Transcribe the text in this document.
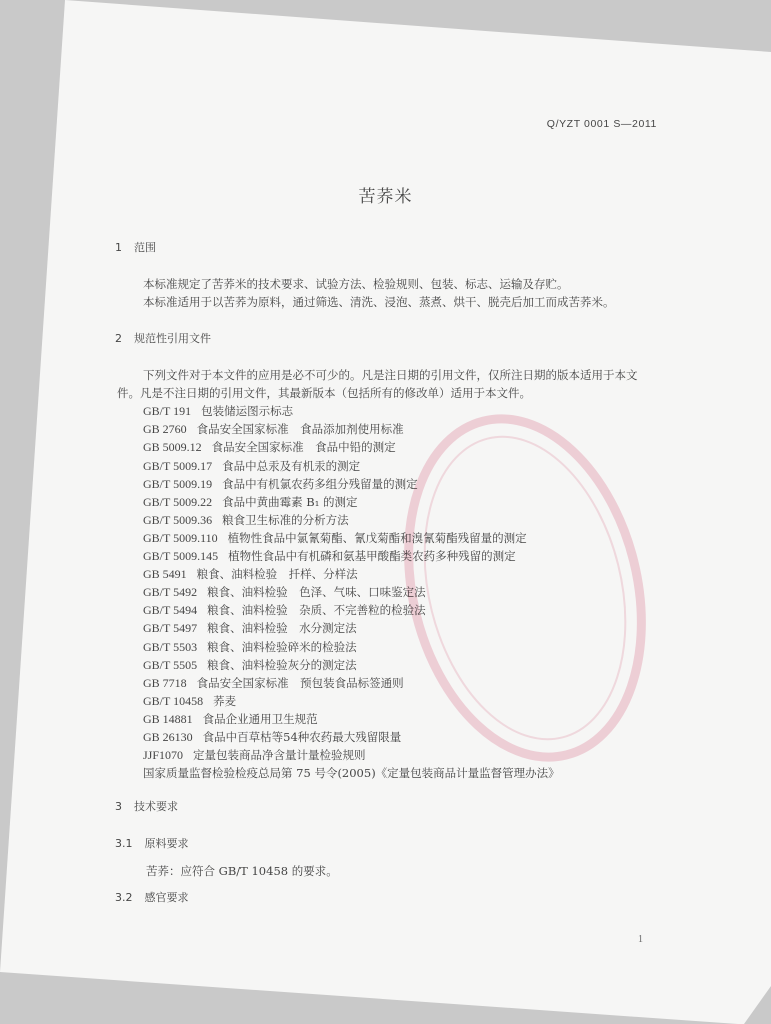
Q/YZT 0001 S—2011
苦荞米
1 范围
本标准规定了苦荞米的技术要求、试验方法、检验规则、包装、标志、运输及存贮。
本标准适用于以苦荞为原料，通过筛选、清洗、浸泡、蒸煮、烘干、脱壳后加工而成苦荞米。
2 规范性引用文件
下列文件对于本文件的应用是必不可少的。凡是注日期的引用文件，仅所注日期的版本适用于本文
件。凡是不注日期的引用文件，其最新版本（包括所有的修改单）适用于本文件。
GB/T 191 包装储运图示标志
GB 2760 食品安全国家标准　食品添加剂使用标准
GB 5009.12 食品安全国家标准　食品中铅的测定
GB/T 5009.17 食品中总汞及有机汞的测定
GB/T 5009.19 食品中有机氯农药多组分残留量的测定
GB/T 5009.22 食品中黄曲霉素 B₁ 的测定
GB/T 5009.36 粮食卫生标准的分析方法
GB/T 5009.110 植物性食品中氯氰菊酯、氰戊菊酯和溴氰菊酯残留量的测定
GB/T 5009.145 植物性食品中有机磷和氨基甲酸酯类农药多种残留的测定
GB 5491 粮食、油料检验　扦样、分样法
GB/T 5492 粮食、油料检验　色泽、气味、口味鉴定法
GB/T 5494 粮食、油料检验　杂质、不完善粒的检验法
GB/T 5497 粮食、油料检验　水分测定法
GB/T 5503 粮食、油料检验碎米的检验法
GB/T 5505 粮食、油料检验灰分的测定法
GB 7718 食品安全国家标准　预包装食品标签通则
GB/T 10458 荞麦
GB 14881 食品企业通用卫生规范
GB 26130 食品中百草枯等54种农药最大残留限量
JJF1070 定量包装商品净含量计量检验规则
国家质量监督检验检疫总局第 75 号令(2005)《定量包装商品计量监督管理办法》
3 技术要求
3.1 原料要求
苦荞：应符合 GB/T 10458 的要求。
3.2 感官要求
1
